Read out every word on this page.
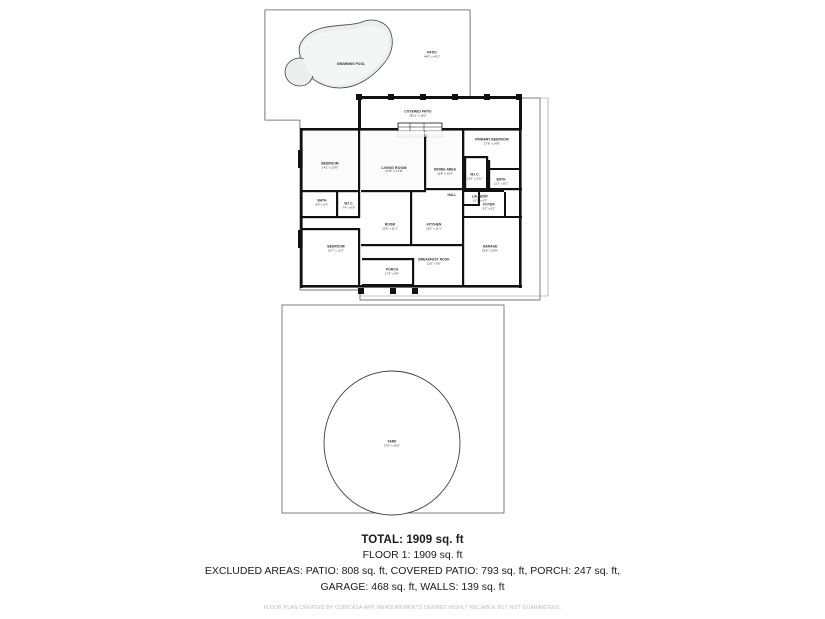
SWIMMING POOL
PATIO
44'0" x 40'1"
COVERED PATIO
38'11" x 18'2"
PRIMARY BEDROOM
17'8" x 14'8"
BEDROOM
14'1" x 13'6"	LIVING ROOM
17'6" x 17'6"	DINING AREA
11'8" x 11'4"	W.I.C.
10'1" x 5'11"	BATH
11'2" x 8'1"
BATH
8'0" x 5'0"	W.I.C.
7'4" x 6'6"
HALL	LAUNDRY
10'1" x 6'3"
FOYER
9'2" x 6'2"
ROOM
10'6" x 11'1"
KITCHEN
16'2" x 11'1"
BEDROOM
12'7" x 12'2"
GARAGE
22'8" x 20'6"
BREAKFAST NOOK
11'0" x 9'0"
PORCH
17'6" x 9'6"
YARD
27'0" x 26'0"
TOTAL: 1909 sq. ft
FLOOR 1: 1909 sq. ft
EXCLUDED AREAS: PATIO: 808 sq. ft, COVERED PATIO: 793 sq. ft, PORCH: 247 sq. ft,
GARAGE: 468 sq. ft, WALLS: 139 sq. ft
FLOOR PLAN CREATED BY CUBICASA APP. MEASUREMENTS DEEMED HIGHLY RELIABLE BUT NOT GUARANTEED.
